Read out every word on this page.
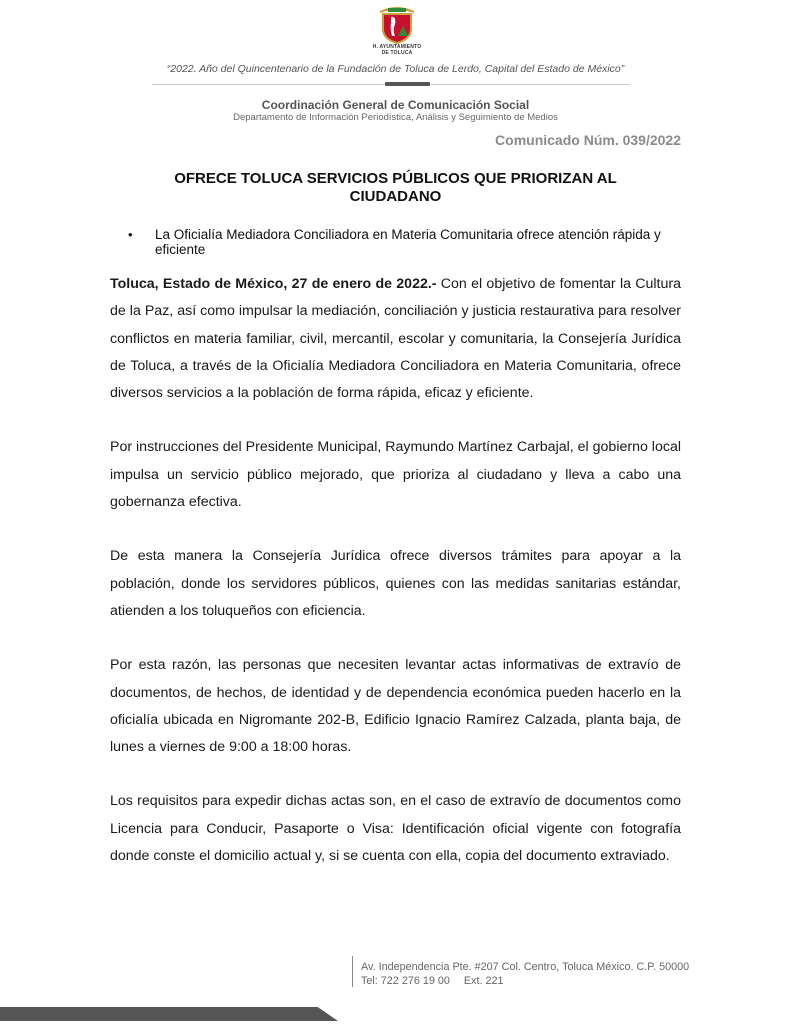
H. AYUNTAMIENTO
DE TOLUCA
“2022. Año del Quincentenario de la Fundación de Toluca de Lerdo, Capital del Estado de México”
Coordinación General de Comunicación Social
Departamento de Información Periodística, Análisis y Seguimiento de Medios
Comunicado Núm. 039/2022
OFRECE TOLUCA SERVICIOS PÚBLICOS QUE PRIORIZAN AL
CIUDADANO
•	La Oficialía Mediadora Conciliadora en Materia Comunitaria ofrece atención rápida y eficiente

Toluca, Estado de México, 27 de enero de 2022.- Con el objetivo de fomentar la Cultura de la Paz, así como impulsar la mediación, conciliación y justicia restaurativa para resolver conflictos en materia familiar, civil, mercantil, escolar y comunitaria, la Consejería Jurídica de Toluca, a través de la Oficialía Mediadora Conciliadora en Materia Comunitaria, ofrece diversos servicios a la población de forma rápida, eficaz y eficiente.

Por instrucciones del Presidente Municipal, Raymundo Martínez Carbajal, el gobierno local impulsa un servicio público mejorado, que prioriza al ciudadano y lleva a cabo una gobernanza efectiva.

De esta manera la Consejería Jurídica ofrece diversos trámites para apoyar a la población, donde los servidores públicos, quienes con las medidas sanitarias estándar, atienden a los toluqueños con eficiencia.

Por esta razón, las personas que necesiten levantar actas informativas de extravío de documentos, de hechos, de identidad y de dependencia económica pueden hacerlo en la oficialía ubicada en Nigromante 202-B, Edificio Ignacio Ramírez Calzada, planta baja, de lunes a viernes de 9:00 a 18:00 horas.

Los requisitos para expedir dichas actas son, en el caso de extravío de documentos como Licencia para Conducir, Pasaporte o Visa: Identificación oficial vigente con fotografía donde conste el domicilio actual y, si se cuenta con ella, copia del documento extraviado.

Av. Independencia Pte. #207 Col. Centro, Toluca México. C.P. 50000
Tel: 722 276 19 00 Ext. 221
